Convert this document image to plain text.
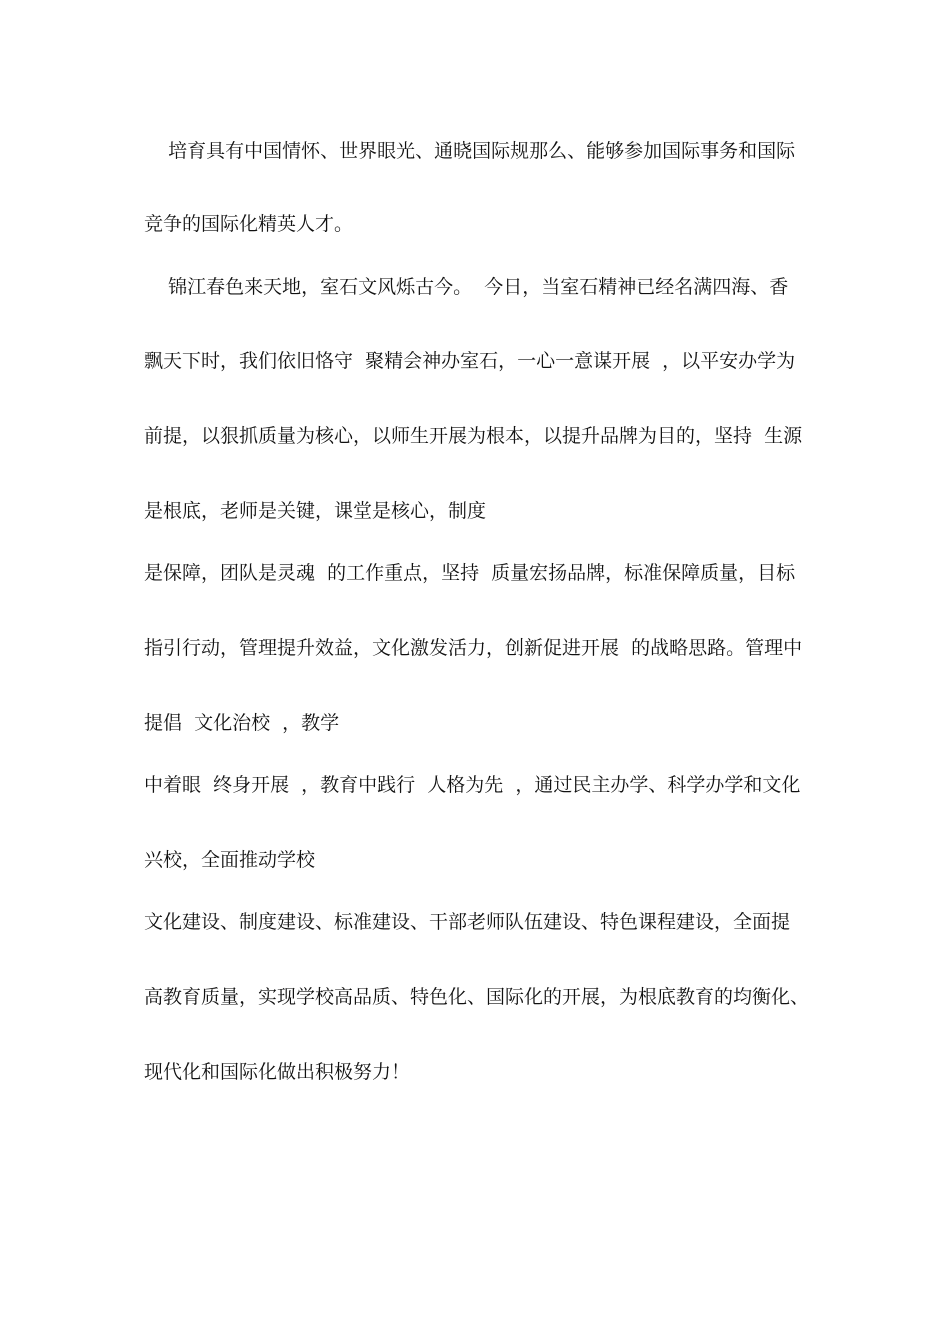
培育具有中国情怀、世界眼光、通晓国际规那么、能够参加国际事务和国际
竞争的国际化精英人才。
锦江春色来天地，室石文风烁古今。  今日，当室石精神已经名满四海、香
飘天下时，我们依旧恪守  聚精会神办室石，一心一意谋开展  ，以平安办学为
前提，以狠抓质量为核心，以师生开展为根本，以提升品牌为目的，坚持  生源
是根底，老师是关键，课堂是核心，制度
是保障，团队是灵魂  的工作重点，坚持  质量宏扬品牌，标准保障质量，目标
指引行动，管理提升效益，文化激发活力，创新促进开展  的战略思路。管理中
提倡  文化治校  ，教学
中着眼  终身开展  ，教育中践行  人格为先  ，通过民主办学、科学办学和文化
兴校，全面推动学校
文化建设、制度建设、标准建设、干部老师队伍建设、特色课程建设，全面提
高教育质量，实现学校高品质、特色化、国际化的开展，为根底教育的均衡化、
现代化和国际化做出积极努力！
